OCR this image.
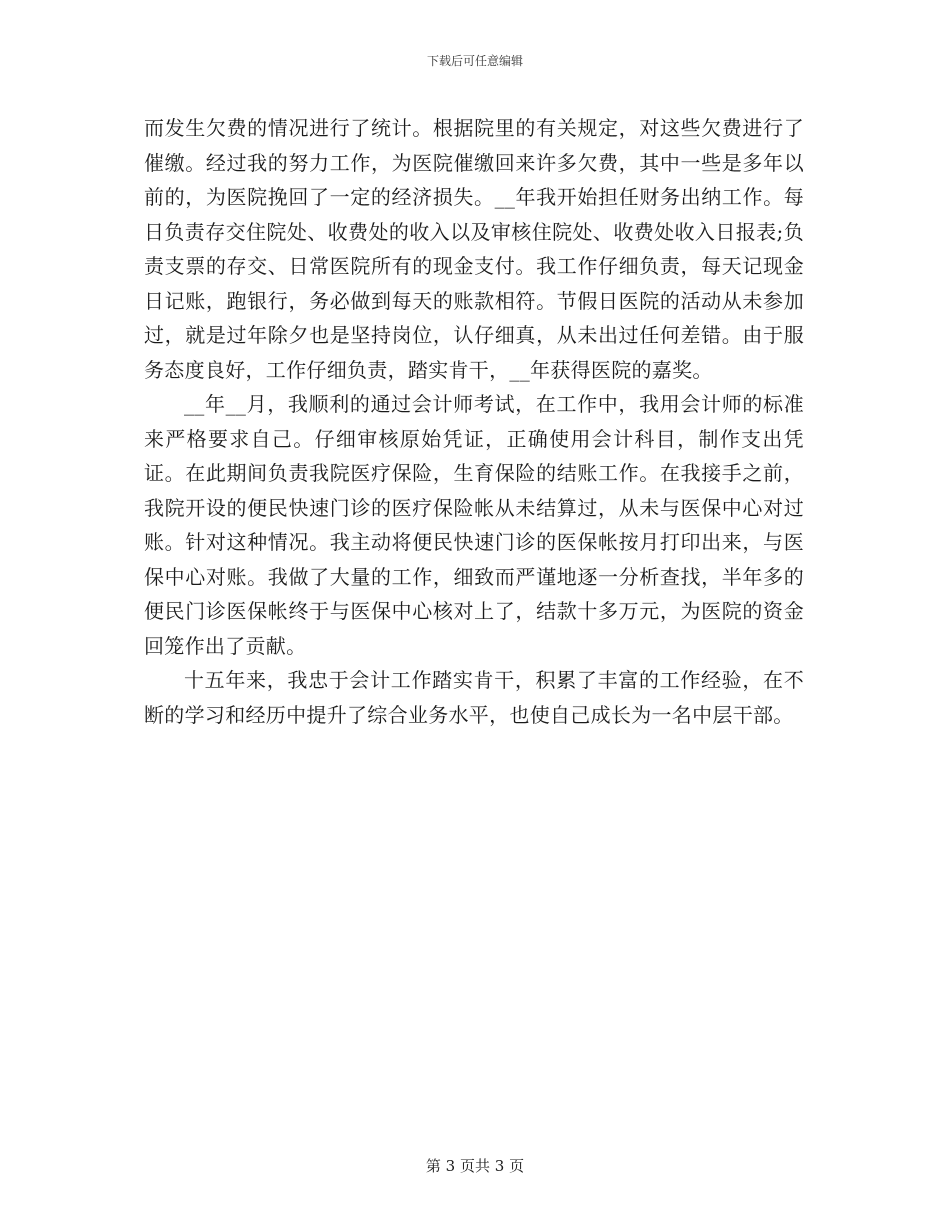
下载后可任意编辑

而发生欠费的情况进行了统计。根据院里的有关规定，对这些欠费进行了催缴。经过我的努力工作，为医院催缴回来许多欠费，其中一些是多年以前的，为医院挽回了一定的经济损失。__年我开始担任财务出纳工作。每日负责存交住院处、收费处的收入以及审核住院处、收费处收入日报表;负责支票的存交、日常医院所有的现金支付。我工作仔细负责，每天记现金日记账，跑银行，务必做到每天的账款相符。节假日医院的活动从未参加过，就是过年除夕也是坚持岗位，认仔细真，从未出过任何差错。由于服务态度良好，工作仔细负责，踏实肯干，__年获得医院的嘉奖。

__年__月，我顺利的通过会计师考试，在工作中，我用会计师的标准来严格要求自己。仔细审核原始凭证，正确使用会计科目，制作支出凭证。在此期间负责我院医疗保险，生育保险的结账工作。在我接手之前，我院开设的便民快速门诊的医疗保险帐从未结算过，从未与医保中心对过账。针对这种情况。我主动将便民快速门诊的医保帐按月打印出来，与医保中心对账。我做了大量的工作，细致而严谨地逐一分析查找，半年多的便民门诊医保帐终于与医保中心核对上了，结款十多万元，为医院的资金回笼作出了贡献。

十五年来，我忠于会计工作踏实肯干，积累了丰富的工作经验，在不断的学习和经历中提升了综合业务水平，也使自己成长为一名中层干部。

第 3 页共 3 页
